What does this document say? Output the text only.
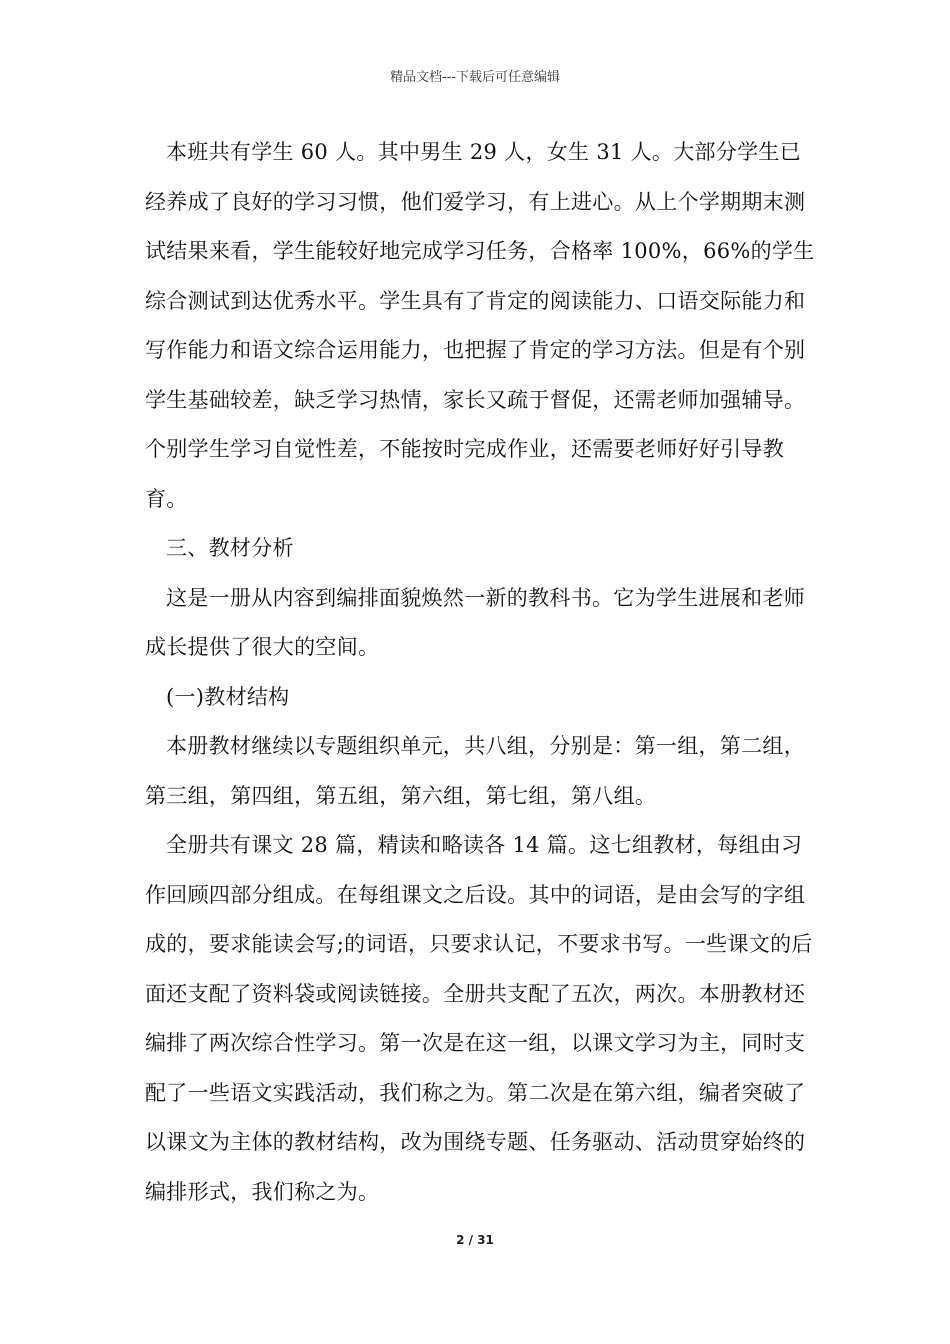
精品文档---下载后可任意编辑

本班共有学生 60 人。其中男生 29 人，女生 31 人。大部分学生已经养成了良好的学习习惯，他们爱学习，有上进心。从上个学期期末测试结果来看，学生能较好地完成学习任务，合格率 100%，66%的学生综合测试到达优秀水平。学生具有了肯定的阅读能力、口语交际能力和写作能力和语文综合运用能力，也把握了肯定的学习方法。但是有个别学生基础较差，缺乏学习热情，家长又疏于督促，还需老师加强辅导。个别学生学习自觉性差，不能按时完成作业，还需要老师好好引导教育。

三、教材分析

这是一册从内容到编排面貌焕然一新的教科书。它为学生进展和老师成长提供了很大的空间。

(一)教材结构

本册教材继续以专题组织单元，共八组，分别是：第一组，第二组，第三组，第四组，第五组，第六组，第七组，第八组。

全册共有课文 28 篇，精读和略读各 14 篇。这七组教材，每组由习作回顾四部分组成。在每组课文之后设。其中的词语，是由会写的字组成的，要求能读会写;的词语，只要求认记，不要求书写。一些课文的后面还支配了资料袋或阅读链接。全册共支配了五次，两次。本册教材还编排了两次综合性学习。第一次是在这一组，以课文学习为主，同时支配了一些语文实践活动，我们称之为。第二次是在第六组，编者突破了以课文为主体的教材结构，改为围绕专题、任务驱动、活动贯穿始终的编排形式，我们称之为。

2 / 31
